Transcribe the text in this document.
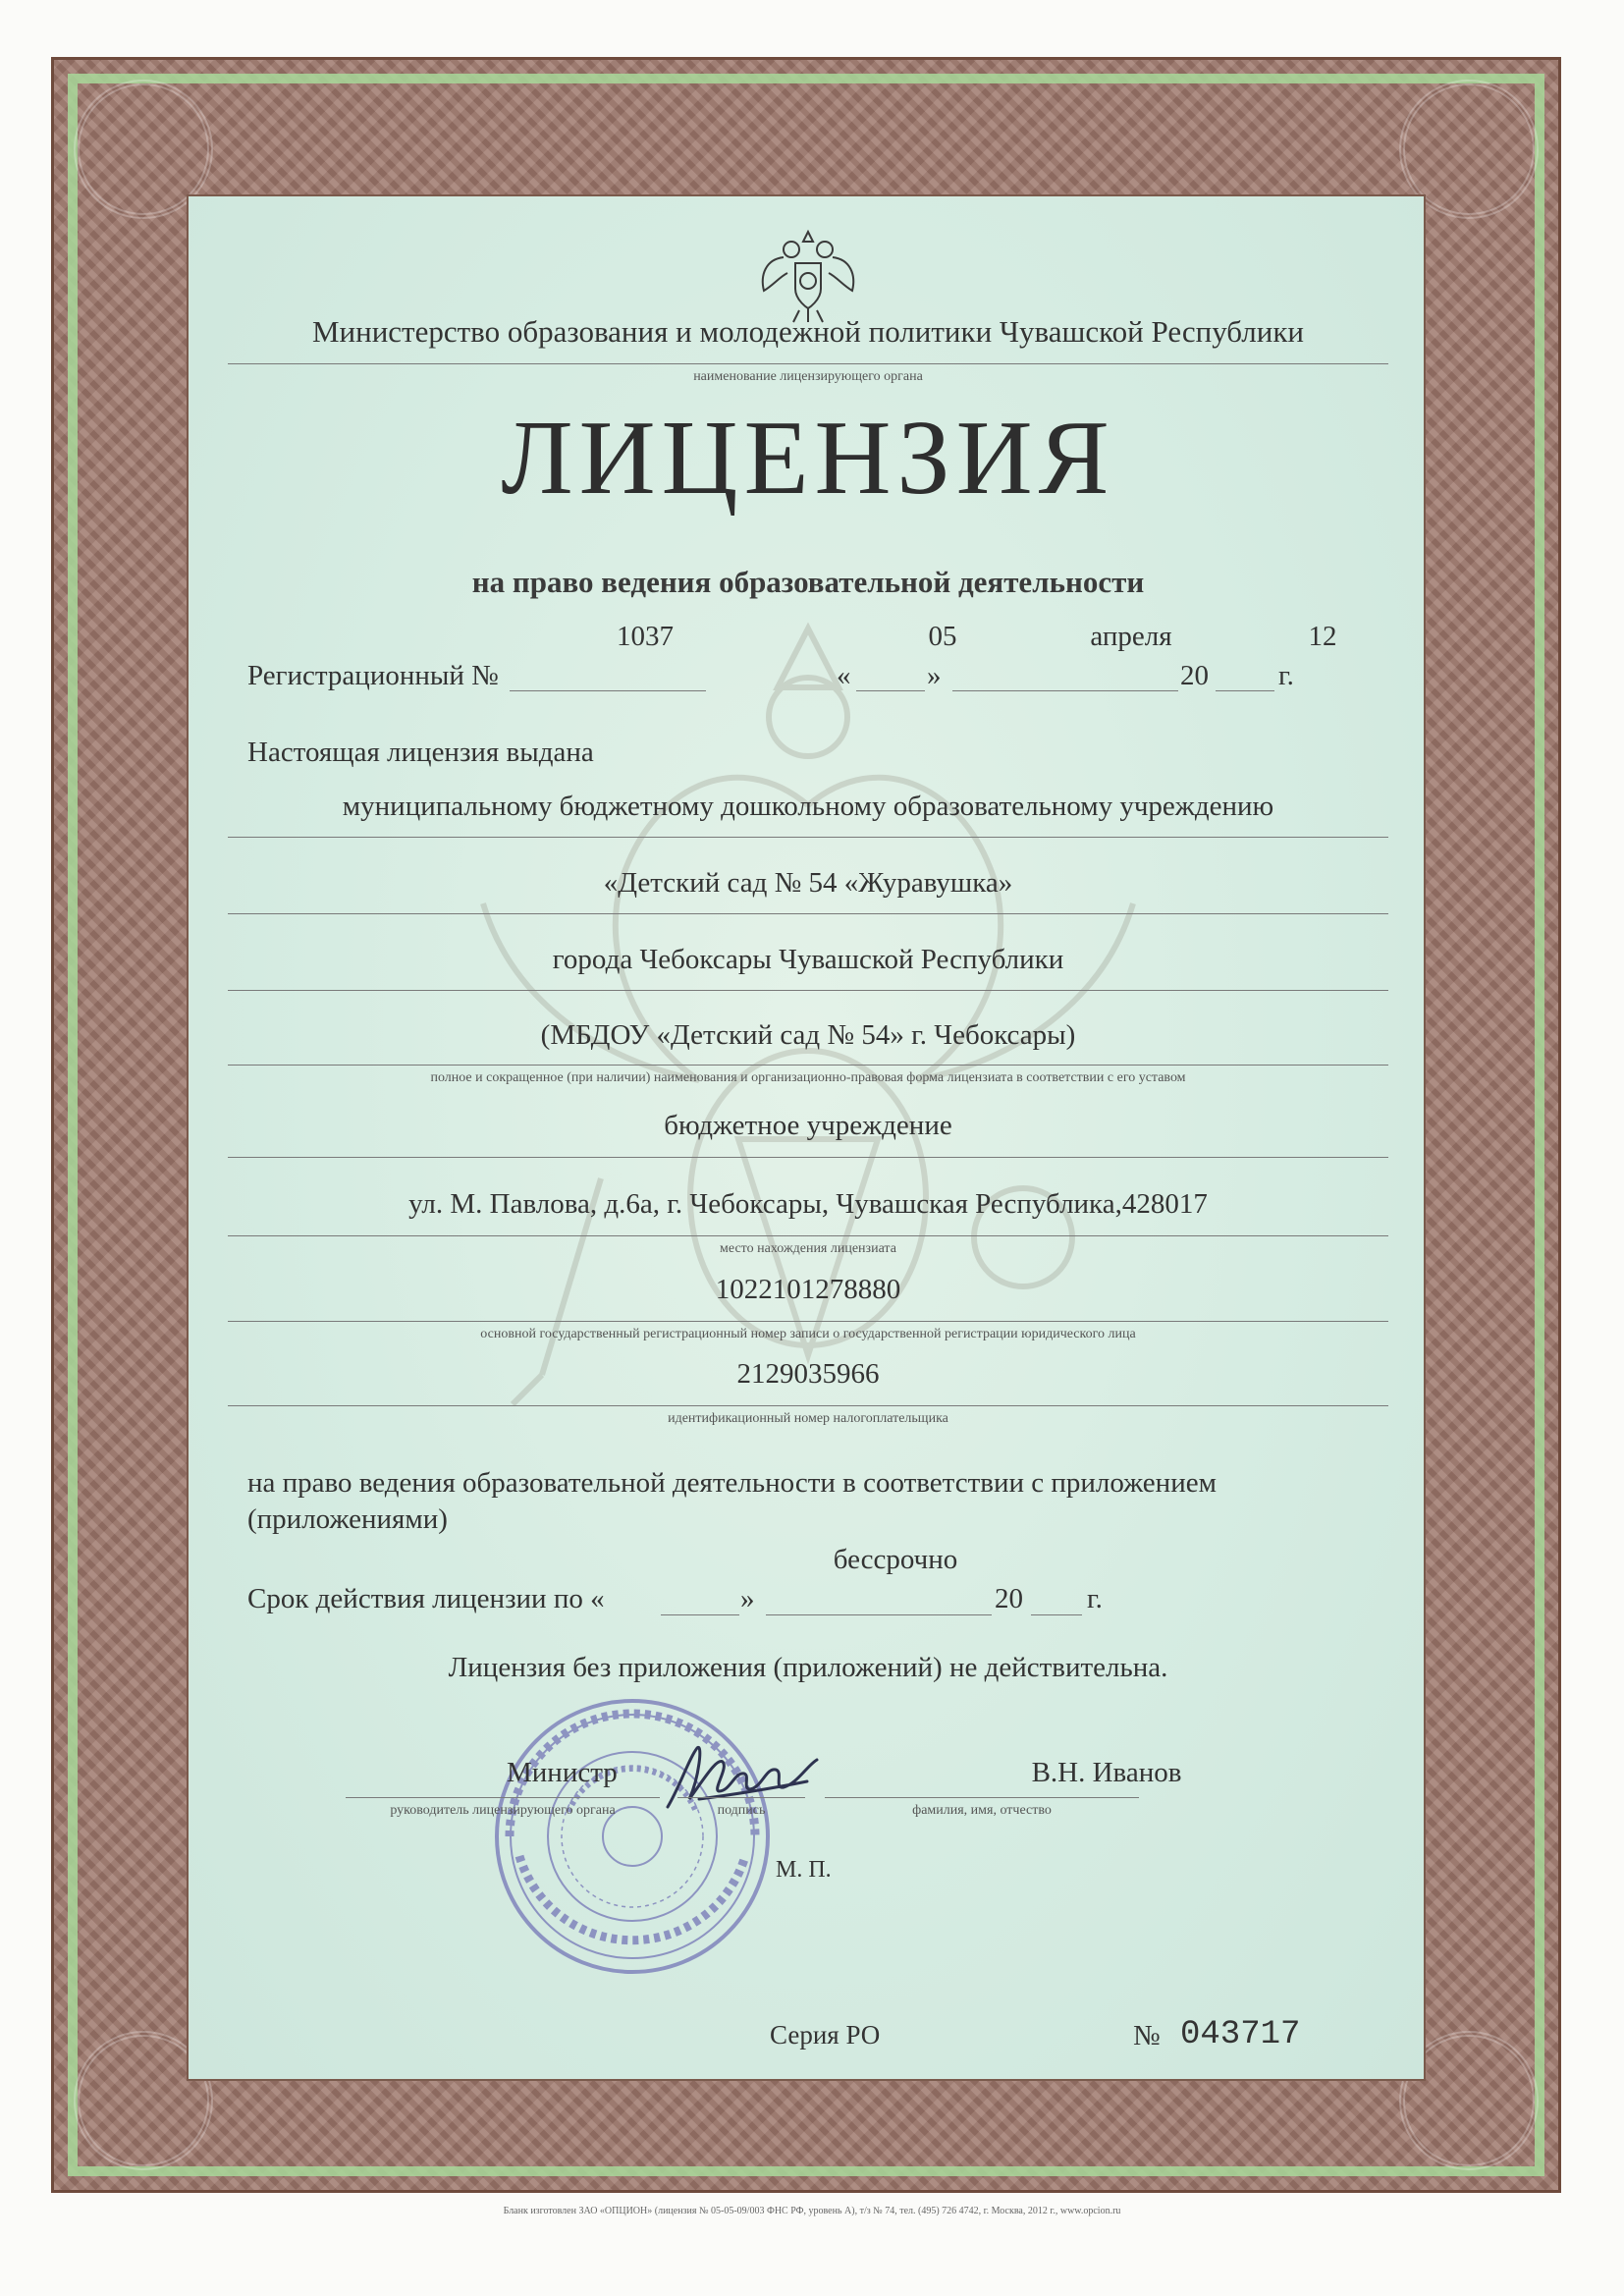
Министерство образования и молодежной политики Чувашской Республики
наименование лицензирующего органа
ЛИЦЕНЗИЯ
на право ведения образовательной деятельности
1037	05	апреля	12
Регистрационный №	«	»	20 г.
Настоящая лицензия выдана
муниципальному бюджетному дошкольному образовательному учреждению
«Детский сад № 54 «Журавушка»
города Чебоксары Чувашской Республики
(МБДОУ «Детский сад № 54» г. Чебоксары)
полное и сокращенное (при наличии) наименования и организационно-правовая форма лицензиата в соответствии с его уставом
бюджетное учреждение
ул. М. Павлова, д.6а, г. Чебоксары, Чувашская Республика,428017
место нахождения лицензиата
1022101278880
основной государственный регистрационный номер записи о государственной регистрации юридического лица
2129035966
идентификационный номер налогоплательщика
на право ведения образовательной деятельности в соответствии с приложением
(приложениями)
бессрочно
Срок действия лицензии по «	»	20 г.
Лицензия без приложения (приложений) не действительна.
Министр
руководитель лицензирующего органа	подпись
В.Н. Иванов
фамилия, имя, отчество
М. П.
Серия РО	№ 043717
Бланк изготовлен ЗАО «ОПЦИОН» (лицензия № 05-05-09/003 ФНС РФ, уровень А), т/з № 74, тел. (495) 726 4742, г. Москва, 2012 г., www.opcion.ru
